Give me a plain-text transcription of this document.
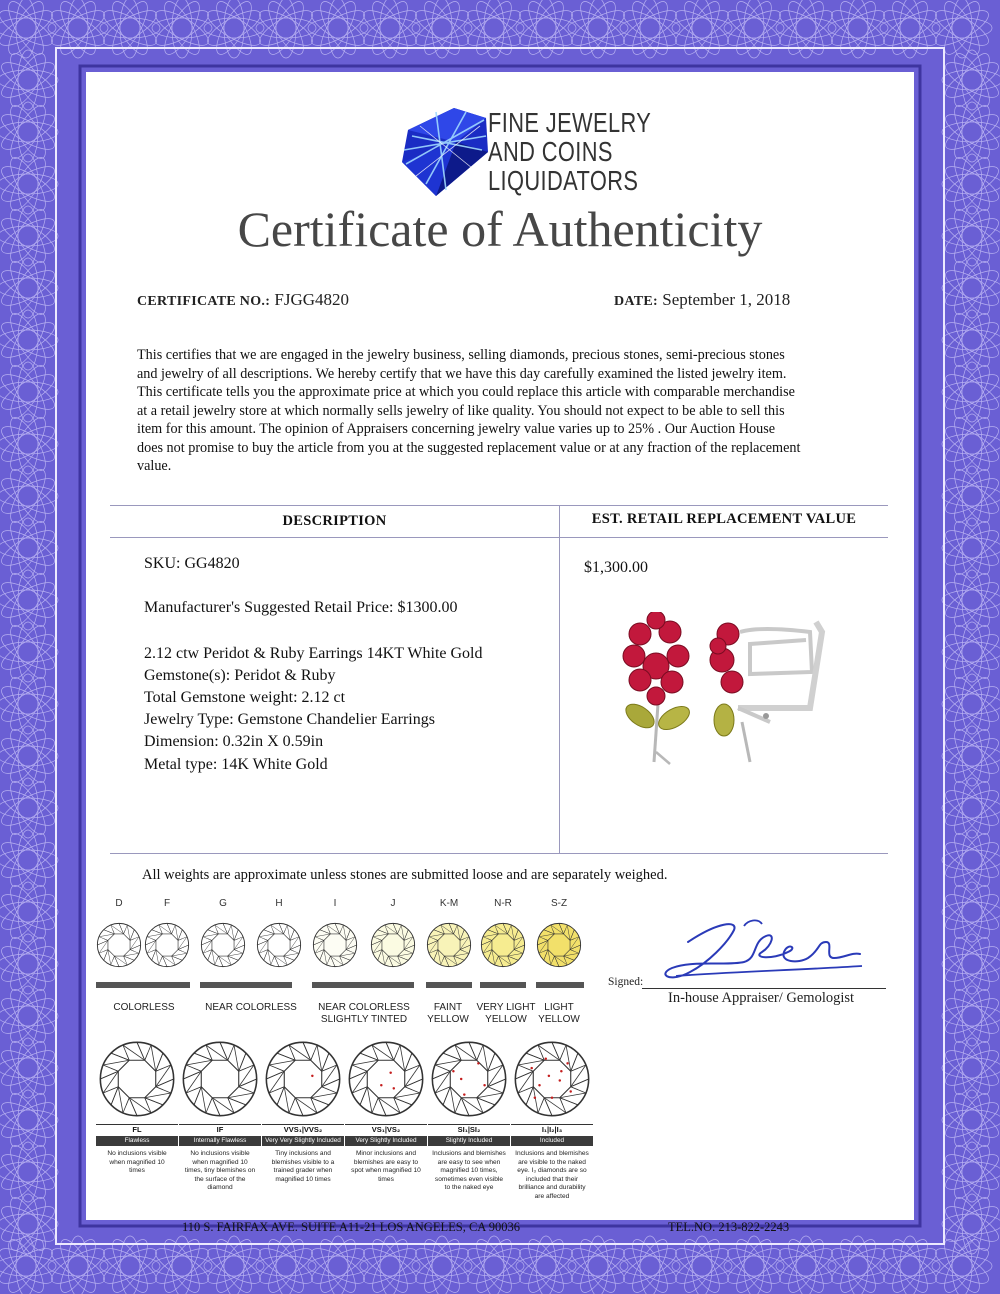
FINE JEWELRY
AND COINS
LIQUIDATORS
Certificate of Authenticity
CERTIFICATE NO.: FJGG4820	DATE: September 1, 2018
This certifies that we are engaged in the jewelry business, selling diamonds, precious stones, semi-precious stones
and jewelry of all descriptions. We hereby certify that we have this day carefully examined the listed jewelry item.
This certificate tells you the approximate price at which you could replace this article with comparable merchandise
at a retail jewelry store at which normally sells jewelry of like quality. You should not expect to be able to sell this
item for this amount. The opinion of Appraisers concerning jewelry value varies up to 25% . Our Auction House
does not promise to buy the article from you at the suggested replacement value or at any fraction of the replacement
value.
DESCRIPTION	EST. RETAIL REPLACEMENT VALUE
SKU: GG4820
Manufacturer's Suggested Retail Price: $1300.00
2.12 ctw Peridot & Ruby Earrings 14KT White Gold
Gemstone(s): Peridot & Ruby
Total Gemstone weight: 2.12 ct
Jewelry Type: Gemstone Chandelier Earrings
Dimension: 0.32in X 0.59in
Metal type: 14K White Gold
$1,300.00
All weights are approximate unless stones are submitted loose and are separately weighed.
D	F	G	H	I	J	K-M	N-R	S-Z
COLORLESS	NEAR COLORLESS	NEAR COLORLESS
SLIGHTLY TINTED
FAINT
YELLOW
VERY LIGHT
YELLOW
LIGHT
YELLOW
FL
Flawless
No inclusions visible
when magnified 10
times
IF
Internally Flawless
No inclusions visible
when magnified 10
times, tiny blemishes on
the surface of the
diamond
VVS₁|VVS₂
Very Very Slightly Included
Tiny inclusions and
blemishes visible to a
trained grader when
magnified 10 times
VS₁|VS₂
Very Slightly Included
Minor inclusions and
blemishes are easy to
spot when magnified 10
times
SI₁|SI₂
Slightly Included
Inclusions and blemishes
are easy to see when
magnified 10 times,
sometimes even visible
to the naked eye
I₁|I₂|I₃
Included
Inclusions and blemishes
are visible to the naked
eye. I₃ diamonds are so
included that their
brilliance and durability
are affected
Signed:
In-house Appraiser/ Gemologist
110 S. FAIRFAX AVE. SUITE A11-21 LOS ANGELES, CA 90036	TEL.NO. 213-822-2243
